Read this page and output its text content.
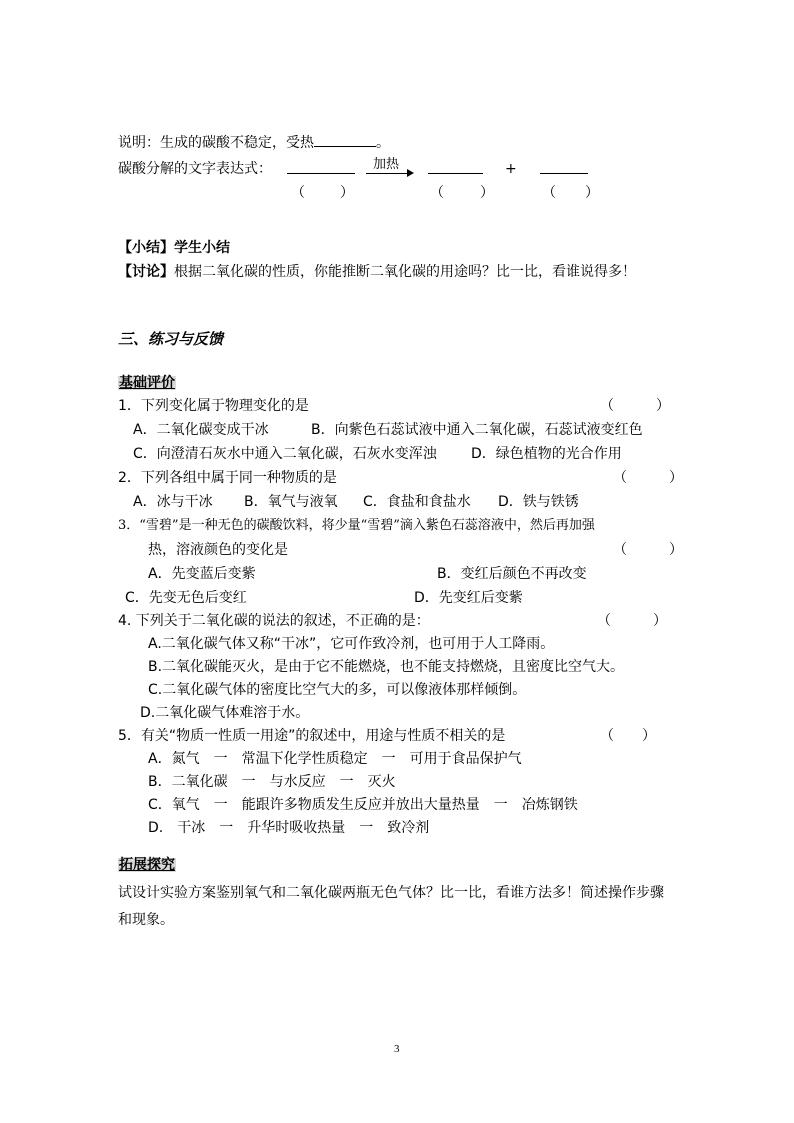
说明：生成的碳酸不稳定，受热	。
碳酸分解的文字表达式：	加热	+
（	）	（	）	（ ）
【小结】学生小结
【讨论】根据二氧化碳的性质，你能推断二氧化碳的用途吗？比一比，看谁说得多！
三、练习与反馈
基础评价
1．下列变化属于物理变化的是	（　　　）
A．二氧化碳变成干冰	B．向紫色石蕊试液中通入二氧化碳，石蕊试液变红色
C．向澄清石灰水中通入二氧化碳，石灰水变浑浊 D．绿色植物的光合作用
2．下列各组中属于同一种物质的是	（　　　）
A．冰与干冰 B．氧气与液氧 C．食盐和食盐水 D．铁与铁锈
3．“雪碧”是一种无色的碳酸饮料，将少量“雪碧”滴入紫色石蕊溶液中，然后再加强
热，溶液颜色的变化是	（　　　）
A．先变蓝后变紫	B．变红后颜色不再改变
C．先变无色后变红	D．先变红后变紫
4. 下列关于二氧化碳的说法的叙述，不正确的是：	（　　　）
A.二氧化碳气体又称“干冰”，它可作致冷剂，也可用于人工降雨。
B.二氧化碳能灭火，是由于它不能燃烧，也不能支持燃烧，且密度比空气大。
C.二氧化碳气体的密度比空气大的多，可以像液体那样倾倒。
D.二氧化碳气体难溶于水。
5．有关“物质一性质一用途”的叙述中，用途与性质不相关的是	（　　）
A．氮气　一　常温下化学性质稳定　一　可用于食品保护气
B．二氧化碳　一　与水反应　一　灭火
C．氧气　一　能跟许多物质发生反应并放出大量热量　一　冶炼钢铁
D.　干冰　一　升华时吸收热量　一　致冷剂
拓展探究
试设计实验方案鉴别氧气和二氧化碳两瓶无色气体？比一比，看谁方法多！简述操作步骤
和现象。
3
